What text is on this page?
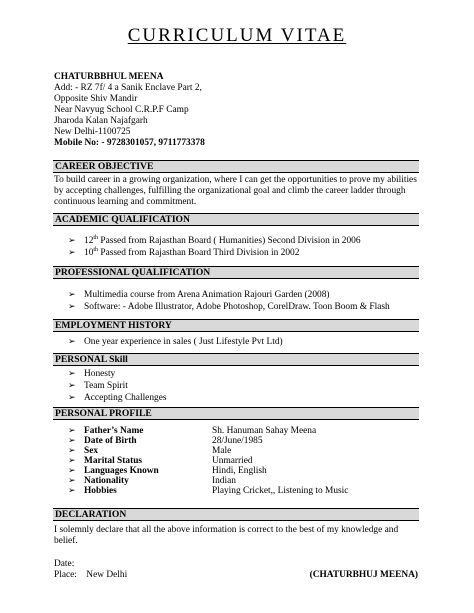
CURRICULUM VITAE
CHATURBBHUL MEENA
Add: - RZ 7f/ 4 a Sanik Enclave Part 2,
Opposite Shiv Mandir
Near Navyug School C.R.P.F Camp
Jharoda Kalan Najafgarh
New Delhi-1100725
Mobile No: - 9728301057, 9711773378
CAREER OBJECTIVE
To build career in a growing organization, where I can get the opportunities to prove my abilities by accepting challenges, fulfilling the organizational goal and climb the career ladder through continuous learning and commitment.
ACADEMIC QUALIFICATION
➢ 12th Passed from Rajasthan Board ( Humanities) Second Division in 2006
➢ 10th Passed from Rajasthan Board Third Division in 2002
PROFESSIONAL QUALIFICATION
➢ Multimedia course from Arena Animation Rajouri Garden (2008)
➢ Software: - Adobe Illustrator, Adobe Photoshop, CorelDraw. Toon Boom & Flash
EMPLOYMENT HISTORY
➢ One year experience in sales ( Just Lifestyle Pvt Ltd)
PERSONAL Skill
➢ Honesty
➢ Team Spirit
➢ Accepting Challenges
PERSONAL PROFILE
➢ Father’s Name	Sh. Hanuman Sahay Meena

➢ Date of Birth	28/June/1985

➢ Sex	Male

➢ Marital Status	Unmarried

➢ Languages Known	Hindi, English

➢ Nationality	Indian

➢ Hobbies	Playing Cricket,, Listening to Music
DECLARATION
I solemnly declare that all the above information is correct to the best of my knowledge and belief.
Date:
Place: New Delhi	(CHATURBHUJ MEENA)
